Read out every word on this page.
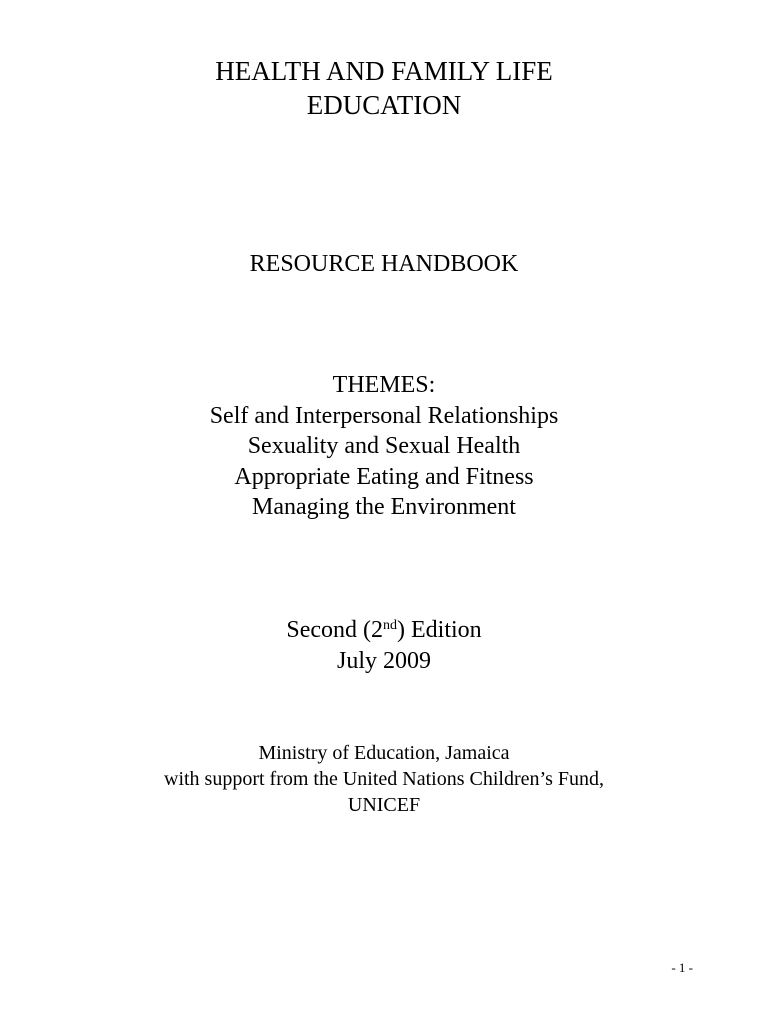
HEALTH AND FAMILY LIFE
EDUCATION
RESOURCE HANDBOOK
THEMES:
Self and Interpersonal Relationships
Sexuality and Sexual Health
Appropriate Eating and Fitness
Managing the Environment
Second (2nd) Edition
July 2009
Ministry of Education, Jamaica
with support from the United Nations Children’s Fund,
UNICEF
- 1 -
